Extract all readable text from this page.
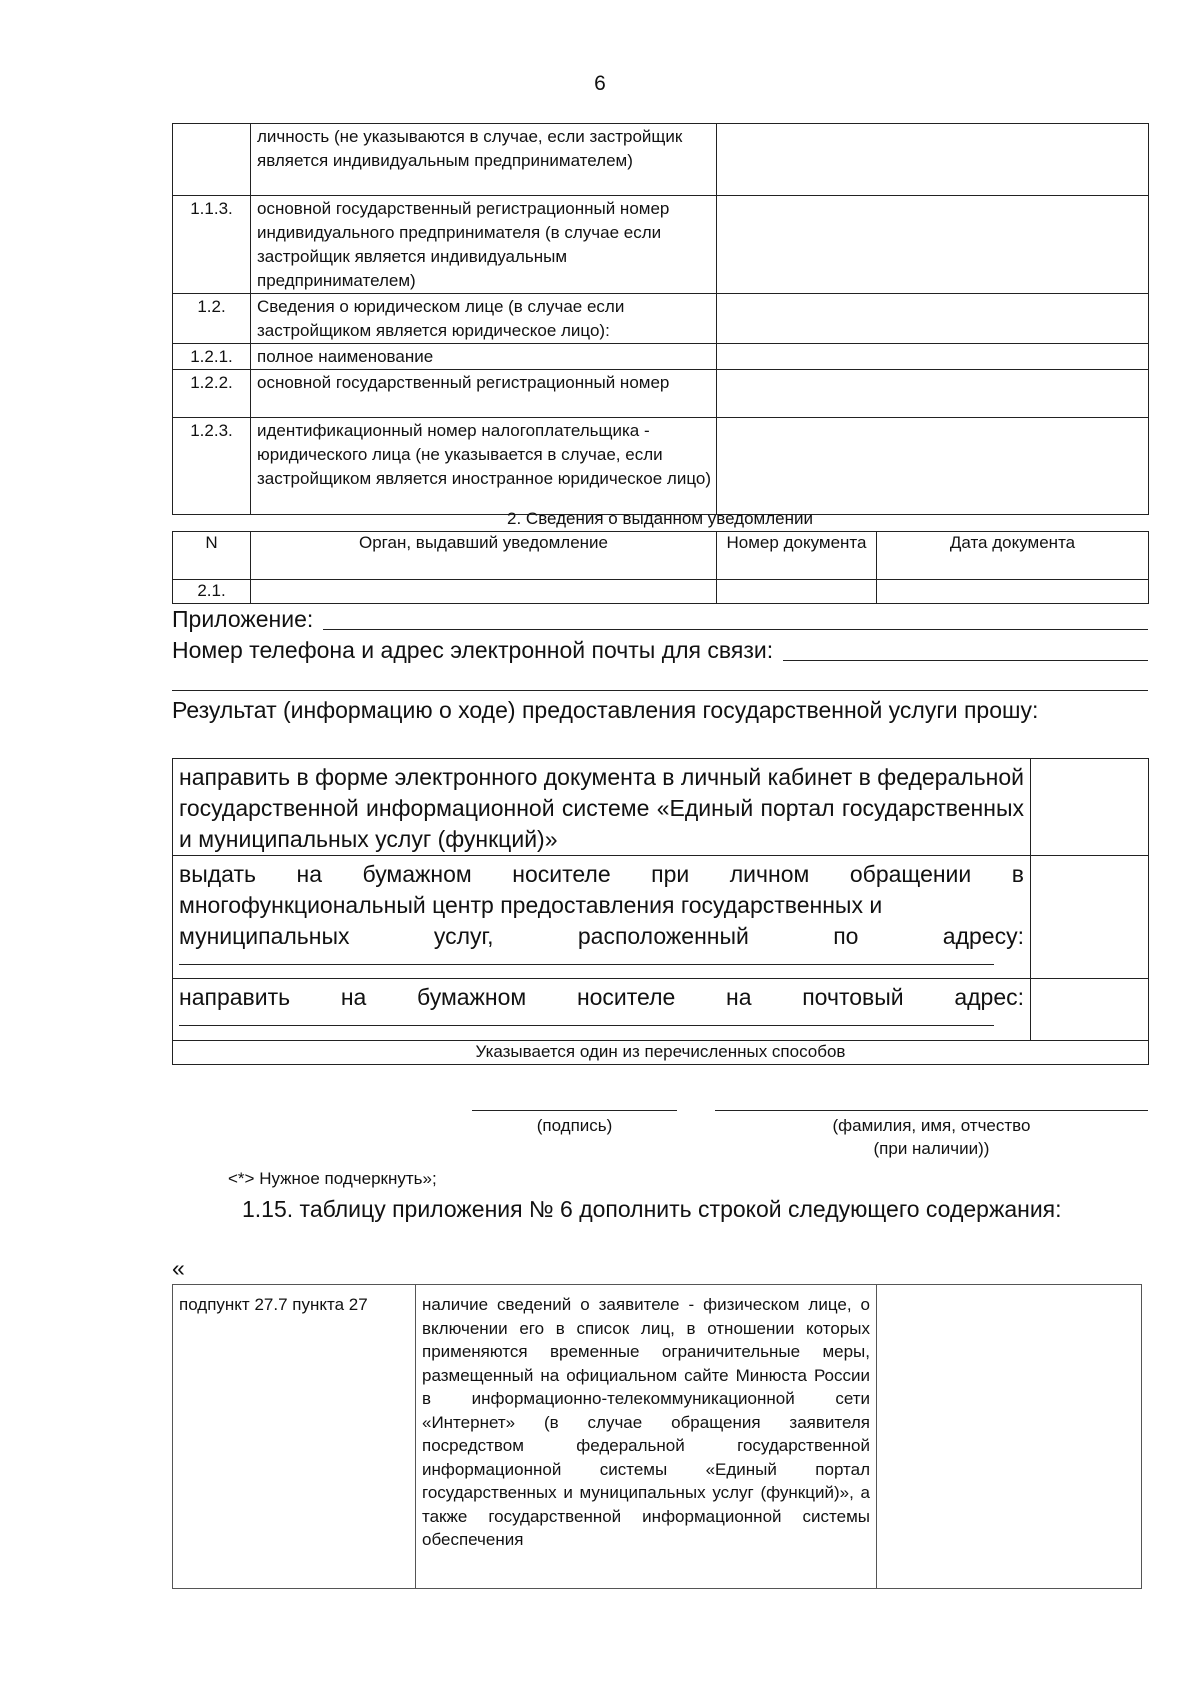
6
	личность (не указываются в случае, если застройщик является индивидуальным предпринимателем)	
1.1.3.	основной государственный регистрационный номер индивидуального предпринимателя (в случае если застройщик является индивидуальным предпринимателем)	
1.2.	Сведения о юридическом лице (в случае если застройщиком является юридическое лицо):	
1.2.1.	полное наименование	
1.2.2.	основной государственный регистрационный номер	
1.2.3.	идентификационный номер налогоплательщика - юридического лица (не указывается в случае, если застройщиком является иностранное юридическое лицо)	
2. Сведения о выданном уведомлении
N	Орган, выдавший уведомление	Номер документа	Дата документа
2.1.			
Приложение:
Номер телефона и адрес электронной почты для связи:
Результат (информацию о ходе) предоставления государственной услуги прошу:
направить в форме электронного документа в личный кабинет в федеральной государственной информационной системе «Единый портал государственных и муниципальных услуг (функций)»	
выдать на бумажном носителе при личном обращении в многофункциональный центр предоставления государственных и
муниципальных услуг, расположенный по адресу:	

направить на бумажном носителе на почтовый адрес:	

Указывается один из перечисленных способов	
(подпись)	(фамилия, имя, отчество
(при наличии))
<*> Нужное подчеркнуть»;
1.15. таблицу приложения № 6 дополнить строкой следующего содержания:
«
подпункт 27.7 пункта 27	наличие сведений о заявителе - физическом лице, о включении его в список лиц, в отношении которых применяются временные ограничительные меры, размещенный на официальном сайте Минюста России в информационно-телекоммуникационной сети «Интернет» (в случае обращения заявителя посредством федеральной государственной информационной системы «Единый портал государственных и муниципальных услуг (функций)», а также государственной информационной системы обеспечения	
